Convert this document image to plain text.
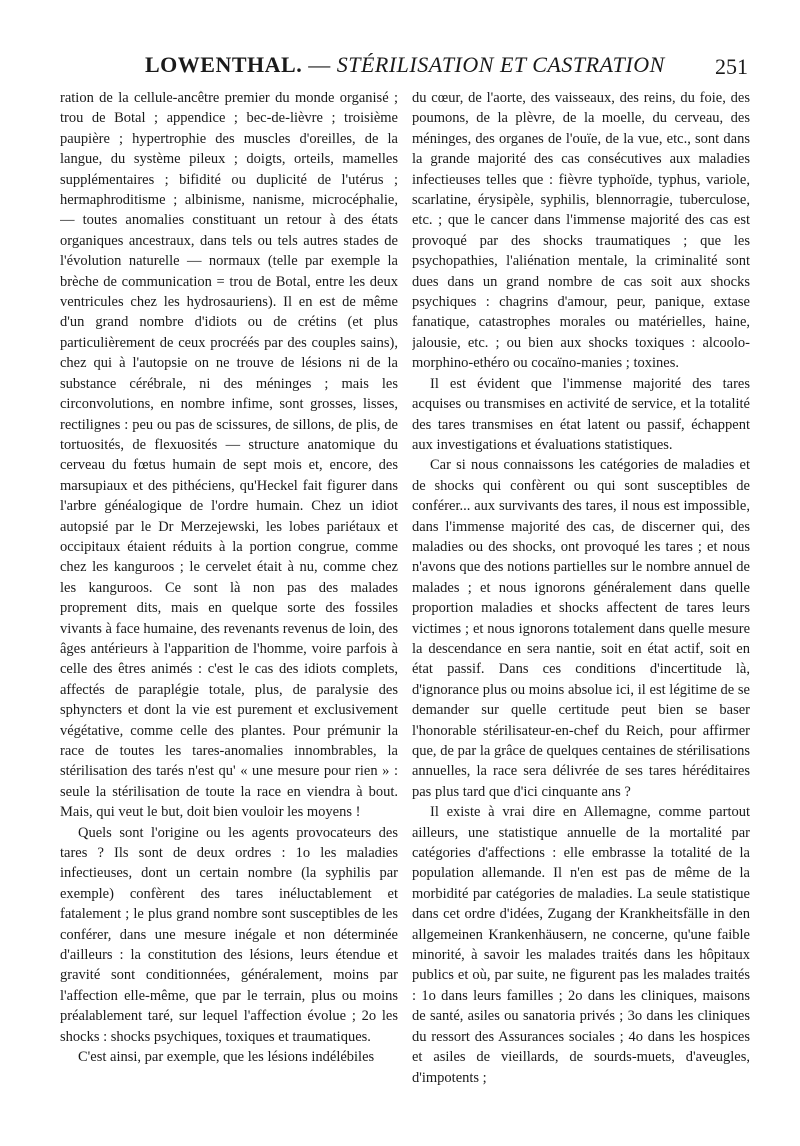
LOWENTHAL. — STÉRILISATION ET CASTRATION 251

ration de la cellule-ancêtre premier du monde organisé ; trou de Botal ; appendice ; bec-de-lièvre ; troisième paupière ; hypertrophie des muscles d'oreilles, de la langue, du système pileux ; doigts, orteils, mamelles supplémentaires ; bifidité ou duplicité de l'utérus ; hermaphroditisme ; albinisme, nanisme, microcéphalie, — toutes anomalies constituant un retour à des états organiques ancestraux, dans tels ou tels autres stades de l'évolution naturelle — normaux (telle par exemple la brèche de communication = trou de Botal, entre les deux ventricules chez les hydrosauriens). Il en est de même d'un grand nombre d'idiots ou de crétins (et plus particulièrement de ceux procréés par des couples sains), chez qui à l'autopsie on ne trouve de lésions ni de la substance cérébrale, ni des méninges ; mais les circonvolutions, en nombre infime, sont grosses, lisses, rectilignes : peu ou pas de scissures, de sillons, de plis, de tortuosités, de flexuosités — structure anatomique du cerveau du fœtus humain de sept mois et, encore, des marsupiaux et des pithéciens, qu'Heckel fait figurer dans l'arbre généalogique de l'ordre humain. Chez un idiot autopsié par le Dr Merzejewski, les lobes pariétaux et occipitaux étaient réduits à la portion congrue, comme chez les kanguroos ; le cervelet était à nu, comme chez les kanguroos. Ce sont là non pas des malades proprement dits, mais en quelque sorte des fossiles vivants à face humaine, des revenants revenus de loin, des âges antérieurs à l'apparition de l'homme, voire parfois à celle des êtres animés : c'est le cas des idiots complets, affectés de paraplégie totale, plus, de paralysie des sphyncters et dont la vie est purement et exclusivement végétative, comme celle des plantes. Pour prémunir la race de toutes les tares-anomalies innombrables, la stérilisation des tarés n'est qu' « une mesure pour rien » : seule la stérilisation de toute la race en viendra à bout. Mais, qui veut le but, doit bien vouloir les moyens !

Quels sont l'origine ou les agents provocateurs des tares ? Ils sont de deux ordres : 1o les maladies infectieuses, dont un certain nombre (la syphilis par exemple) confèrent des tares inéluctablement et fatalement ; le plus grand nombre sont susceptibles de les conférer, dans une mesure inégale et non déterminée d'ailleurs : la constitution des lésions, leurs étendue et gravité sont conditionnées, généralement, moins par l'affection elle-même, que par le terrain, plus ou moins préalablement taré, sur lequel l'affection évolue ; 2o les shocks : shocks psychiques, toxiques et traumatiques.

C'est ainsi, par exemple, que les lésions indélébiles

du cœur, de l'aorte, des vaisseaux, des reins, du foie, des poumons, de la plèvre, de la moelle, du cerveau, des méninges, des organes de l'ouïe, de la vue, etc., sont dans la grande majorité des cas consécutives aux maladies infectieuses telles que : fièvre typhoïde, typhus, variole, scarlatine, érysipèle, syphilis, blennorragie, tuberculose, etc. ; que le cancer dans l'immense majorité des cas est provoqué par des shocks traumatiques ; que les psychopathies, l'aliénation mentale, la criminalité sont dues dans un grand nombre de cas soit aux shocks psychiques : chagrins d'amour, peur, panique, extase fanatique, catastrophes morales ou matérielles, haine, jalousie, etc. ; ou bien aux shocks toxiques : alcoolo-morphino-ethéro ou cocaïno-manies ; toxines.

Il est évident que l'immense majorité des tares acquises ou transmises en activité de service, et la totalité des tares transmises en état latent ou passif, échappent aux investigations et évaluations statistiques.

Car si nous connaissons les catégories de maladies et de shocks qui confèrent ou qui sont susceptibles de conférer... aux survivants des tares, il nous est impossible, dans l'immense majorité des cas, de discerner qui, des maladies ou des shocks, ont provoqué les tares ; et nous n'avons que des notions partielles sur le nombre annuel de malades ; et nous ignorons généralement dans quelle proportion maladies et shocks affectent de tares leurs victimes ; et nous ignorons totalement dans quelle mesure la descendance en sera nantie, soit en état actif, soit en état passif. Dans ces conditions d'incertitude là, d'ignorance plus ou moins absolue ici, il est légitime de se demander sur quelle certitude peut bien se baser l'honorable stérilisateur-en-chef du Reich, pour affirmer que, de par la grâce de quelques centaines de stérilisations annuelles, la race sera délivrée de ses tares héréditaires pas plus tard que d'ici cinquante ans ?

Il existe à vrai dire en Allemagne, comme partout ailleurs, une statistique annuelle de la mortalité par catégories d'affections : elle embrasse la totalité de la population allemande. Il n'en est pas de même de la morbidité par catégories de maladies. La seule statistique dans cet ordre d'idées, Zugang der Krankheitsfälle in den allgemeinen Krankenhäusern, ne concerne, qu'une faible minorité, à savoir les malades traités dans les hôpitaux publics et où, par suite, ne figurent pas les malades traités : 1o dans leurs familles ; 2o dans les cliniques, maisons de santé, asiles ou sanatoria privés ; 3o dans les cliniques du ressort des Assurances sociales ; 4o dans les hospices et asiles de vieillards, de sourds-muets, d'aveugles, d'impotents ;
